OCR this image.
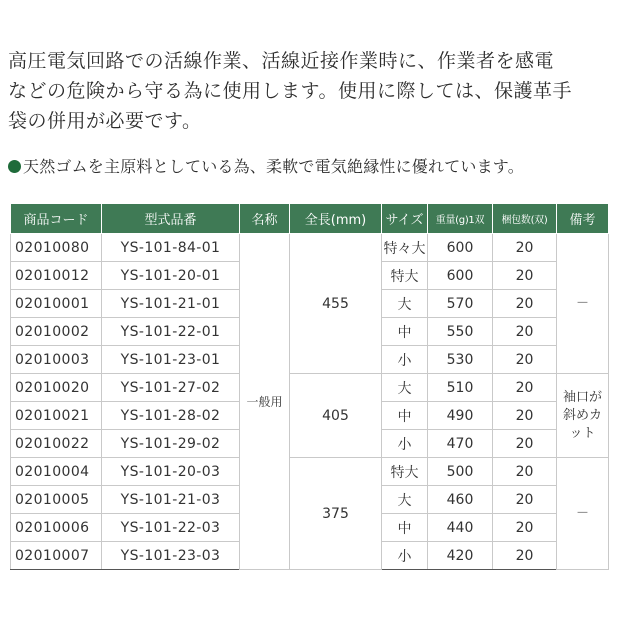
高圧電気回路での活線作業、活線近接作業時に、作業者を感電
などの危険から守る為に使用します。使用に際しては、保護革手
袋の併用が必要です。
天然ゴムを主原料としている為、柔軟で電気絶縁性に優れています。
商品コード	型式品番	名称	全長(mm)	サイズ	重量(g)1双	梱包数(双)	備考
02010080	YS-101-84-01	一般用	455	特々大	600	20	－
02010012	YS-101-20-01			特大	600	20	
02010001	YS-101-21-01			大	570	20	
02010002	YS-101-22-01			中	550	20	
02010003	YS-101-23-01			小	530	20	
02010020	YS-101-27-02		405	大	510	20	袖口が斜めカット
02010021	YS-101-28-02			中	490	20	
02010022	YS-101-29-02			小	470	20	
02010004	YS-101-20-03		375	特大	500	20	－
02010005	YS-101-21-03			大	460	20	
02010006	YS-101-22-03			中	440	20	
02010007	YS-101-23-03			小	420	20	
